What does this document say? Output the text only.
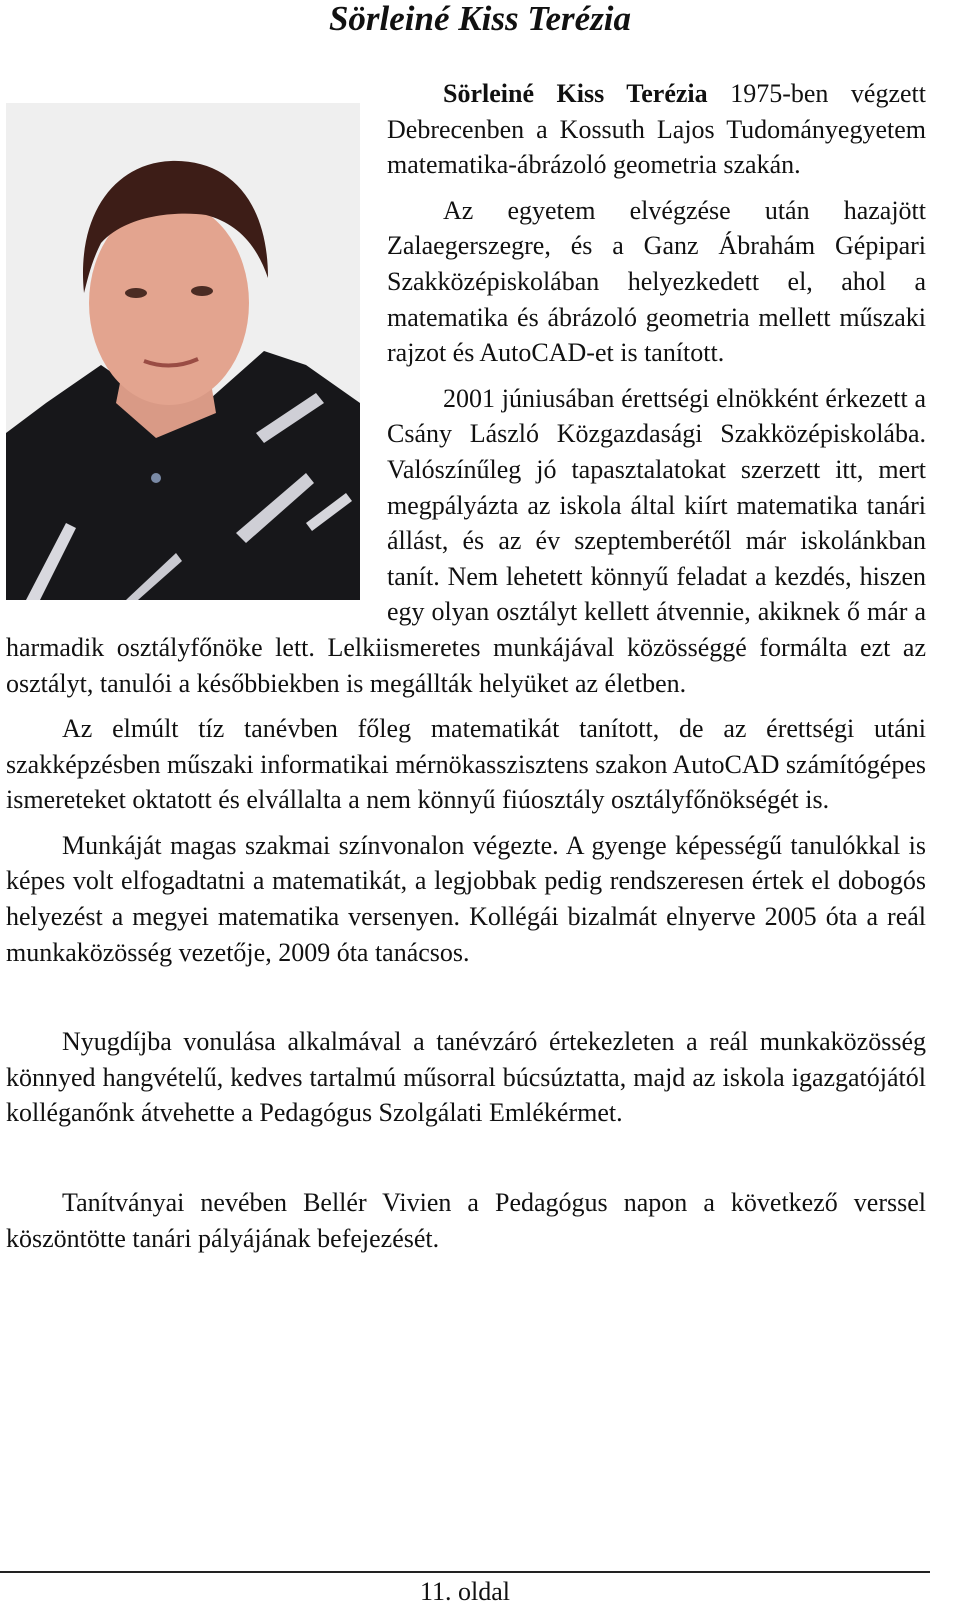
Sörleiné Kiss Terézia

Sörleiné Kiss Terézia 1975-ben végzett Debrecenben a Kossuth Lajos Tudományegyetem matematika-ábrázoló geometria szakán.

Az egyetem elvégzése után hazajött Zalaegerszegre, és a Ganz Ábrahám Gépipari Szakközépiskolában helyezkedett el, ahol a matematika és ábrázoló geometria mellett műszaki rajzot és AutoCAD-et is tanított.

2001 júniusában érettségi elnökként érkezett a Csány László Közgazdasági Szakközépiskolába. Valószínűleg jó tapasztalatokat szerzett itt, mert megpályázta az iskola által kiírt matematika tanári állást, és az év szeptemberétől már iskolánkban tanít. Nem lehetett könnyű feladat a kezdés, hiszen egy olyan osztályt kellett átvennie, akiknek ő már a harmadik osztályfőnöke lett. Lelkiismeretes munkájával közösséggé formálta ezt az osztályt, tanulói a későbbiekben is megállták helyüket az életben.

Az elmúlt tíz tanévben főleg matematikát tanított, de az érettségi utáni szakképzésben műszaki informatikai mérnökasszisztens szakon AutoCAD számítógépes ismereteket oktatott és elvállalta a nem könnyű fiúosztály osztályfőnökségét is.

Munkáját magas szakmai színvonalon végezte. A gyenge képességű tanulókkal is képes volt elfogadtatni a matematikát, a legjobbak pedig rendszeresen értek el dobogós helyezést a megyei matematika versenyen. Kollégái bizalmát elnyerve 2005 óta a reál munkaközösség vezetője, 2009 óta tanácsos.

Nyugdíjba vonulása alkalmával a tanévzáró értekezleten a reál munkaközösség könnyed hangvételű, kedves tartalmú műsorral búcsúztatta, majd az iskola igazgatójától kolléganőnk átvehette a Pedagógus Szolgálati Emlékérmet.

Tanítványai nevében Bellér Vivien a Pedagógus napon a következő verssel köszöntötte tanári pályájának befejezését.

11. oldal
